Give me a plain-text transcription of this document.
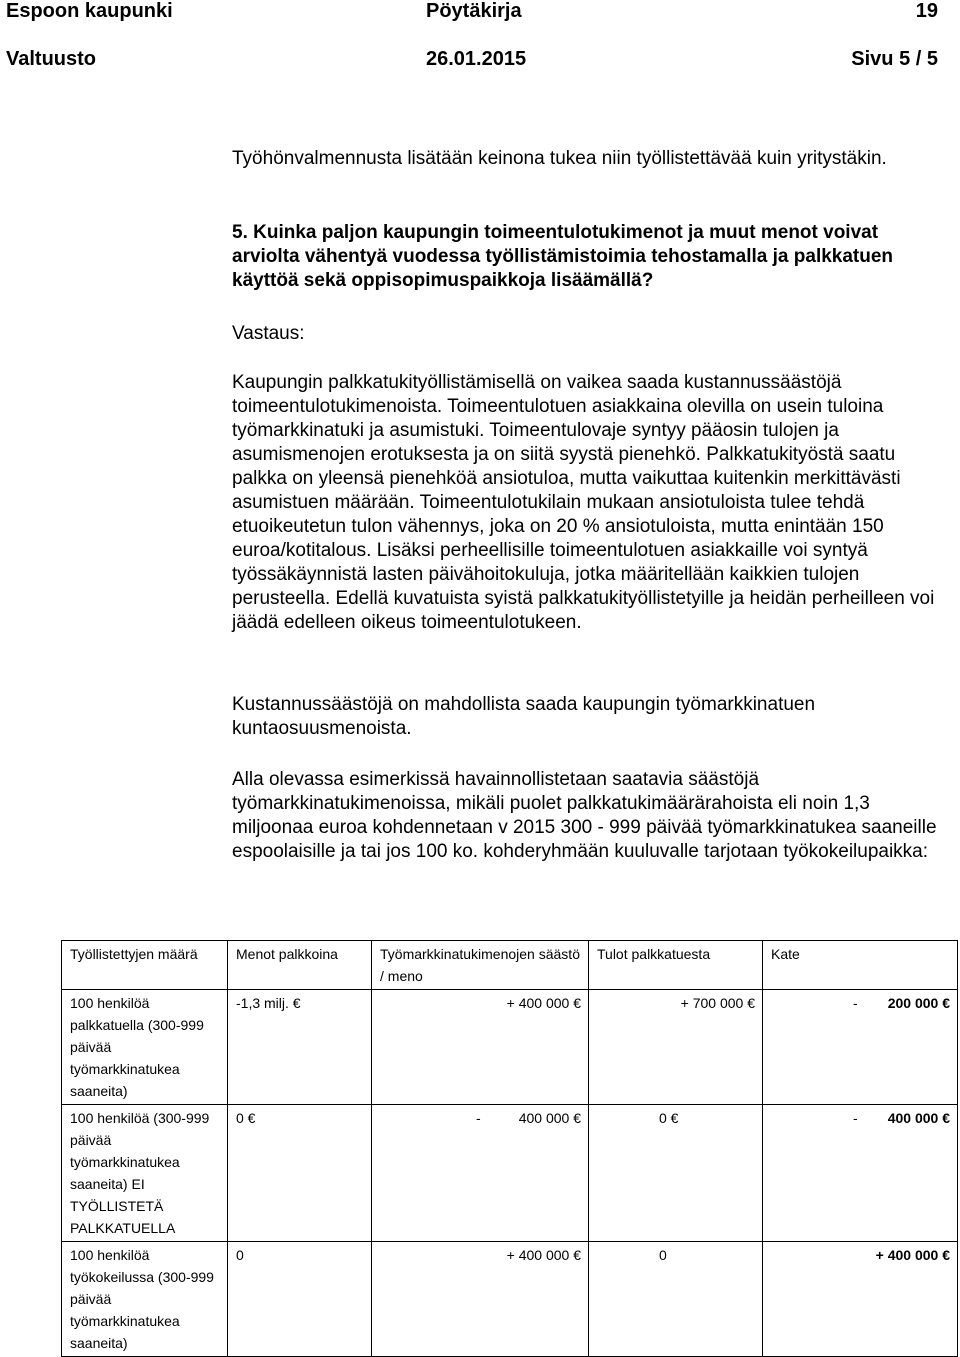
Espoon kaupunki	Pöytäkirja	19
Valtuusto	26.01.2015	Sivu 5 / 5

Työhönvalmennusta lisätään keinona tukea niin työllistettävää kuin yritystäkin.

5. Kuinka paljon kaupungin toimeentulotukimenot ja muut menot voivat arviolta vähentyä vuodessa työllistämistoimia tehostamalla ja palkkatuen käyttöä sekä oppisopimuspaikkoja lisäämällä?

Vastaus:

Kaupungin palkkatukityöllistämisellä on vaikea saada kustannussäästöjä toimeentulotukimenoista. Toimeentulotuen asiakkaina olevilla on usein tuloina työmarkkinatuki ja asumistuki. Toimeentulovaje syntyy pääosin tulojen ja asumismenojen erotuksesta ja on siitä syystä pienehkö. Palkkatukityöstä saatu palkka on yleensä pienehköä ansiotuloa, mutta vaikuttaa kuitenkin merkittävästi asumistuen määrään. Toimeentulotukilain mukaan ansiotuloista tulee tehdä etuoikeutetun tulon vähennys, joka on 20 % ansiotuloista, mutta enintään 150 euroa/kotitalous. Lisäksi perheellisille toimeentulotuen asiakkaille voi syntyä työssäkäynnistä lasten päivähoitokuluja, jotka määritellään kaikkien tulojen perusteella. Edellä kuvatuista syistä palkkatukityöllistetyille ja heidän perheilleen voi jäädä edelleen oikeus toimeentulotukeen.

Kustannussäästöjä on mahdollista saada kaupungin työmarkkinatuen kuntaosuusmenoista.

Alla olevassa esimerkissä havainnollistetaan saatavia säästöjä työmarkkinatukimenoissa, mikäli puolet palkkatukimäärärahoista eli noin 1,3 miljoonaa euroa kohdennetaan v 2015 300 - 999 päivää työmarkkinatukea saaneille espoolaisille ja tai jos 100 ko. kohderyhmään kuuluvalle tarjotaan työkokeilupaikka:

Työllistettyjen määrä	Menot palkkoina	Työmarkkinatukimenojen säästö / meno	Tulot palkkatuesta	Kate
100 henkilöä palkkatuella (300-999 päivää työmarkkinatukea saaneita)	-1,3 milj. €	+ 400 000 €	+ 700 000 €	- 200 000 €
100 henkilöä (300-999 päivää työmarkkinatukea saaneita) EI TYÖLLISTETÄ PALKKATUELLA	0 €	- 400 000 €	0 €	- 400 000 €
100 henkilöä työkokeilussa (300-999 päivää työmarkkinatukea saaneita)	0	+ 400 000 €	0	+ 400 000 €
